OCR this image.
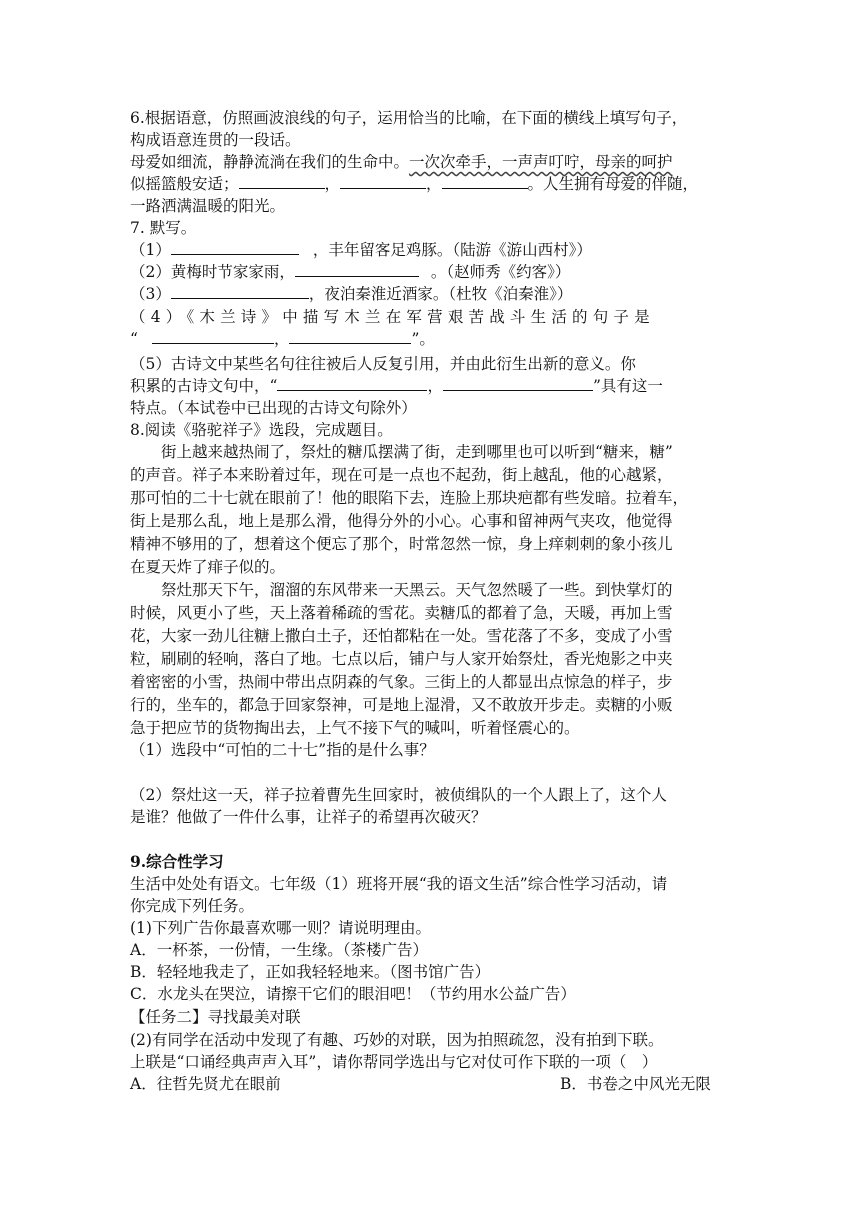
6.根据语意，仿照画波浪线的句子，运用恰当的比喻，在下面的横线上填写句子，
构成语意连贯的一段话。
母爱如细流，静静流淌在我们的生命中。一次次牵手，一声声叮咛，母亲的呵护
似摇篮般安适；	，	，	。人生拥有母爱的伴随，
一路洒满温暖的阳光。
7. 默写。
（1）	，丰年留客足鸡豚。（陆游《游山西村》）
（2）黄梅时节家家雨，	。（赵师秀《约客》）
（3）	，夜泊秦淮近酒家。（杜牧《泊秦淮》）
（4）《木兰诗》中描写木兰在军营艰苦战斗生活的句子是
“	，	”。
（5）古诗文中某些名句往往被后人反复引用，并由此衍生出新的意义。你
积累的古诗文句中，“	，	”具有这一
特点。（本试卷中已出现的古诗文句除外）
8.阅读《骆驼祥子》选段，完成题目。
街上越来越热闹了，祭灶的糖瓜摆满了街，走到哪里也可以听到“糖来，糖”
的声音。祥子本来盼着过年，现在可是一点也不起劲，街上越乱，他的心越紧，
那可怕的二十七就在眼前了！他的眼陷下去，连脸上那块疤都有些发暗。拉着车，
街上是那么乱，地上是那么滑，他得分外的小心。心事和留神两气夹攻，他觉得
精神不够用的了，想着这个便忘了那个，时常忽然一惊，身上痒刺刺的象小孩儿
在夏天炸了痱子似的。
祭灶那天下午，溜溜的东风带来一天黑云。天气忽然暖了一些。到快掌灯的
时候，风更小了些，天上落着稀疏的雪花。卖糖瓜的都着了急，天暖，再加上雪
花，大家一劲儿往糖上撒白土子，还怕都粘在一处。雪花落了不多，变成了小雪
粒，刷刷的轻响，落白了地。七点以后，铺户与人家开始祭灶，香光炮影之中夹
着密密的小雪，热闹中带出点阴森的气象。三街上的人都显出点惊急的样子，步
行的，坐车的，都急于回家祭神，可是地上湿滑，又不敢放开步走。卖糖的小贩
急于把应节的货物掏出去，上气不接下气的喊叫，听着怪震心的。
（1）选段中“可怕的二十七”指的是什么事？
（2）祭灶这一天，祥子拉着曹先生回家时，被侦缉队的一个人跟上了，这个人
是谁？他做了一件什么事，让祥子的希望再次破灭？
9.综合性学习
生活中处处有语文。七年级（1）班将开展“我的语文生活”综合性学习活动，请
你完成下列任务。
(1)下列广告你最喜欢哪一则？请说明理由。
A．一杯茶，一份情，一生缘。（茶楼广告）
B．轻轻地我走了，正如我轻轻地来。（图书馆广告）
C．水龙头在哭泣，请擦干它们的眼泪吧！（节约用水公益广告）
【任务二】寻找最美对联
(2)有同学在活动中发现了有趣、巧妙的对联，因为拍照疏忽，没有拍到下联。
上联是“口诵经典声声入耳”，请你帮同学选出与它对仗可作下联的一项（　）
A．往哲先贤尤在眼前	B．书卷之中风光无限
